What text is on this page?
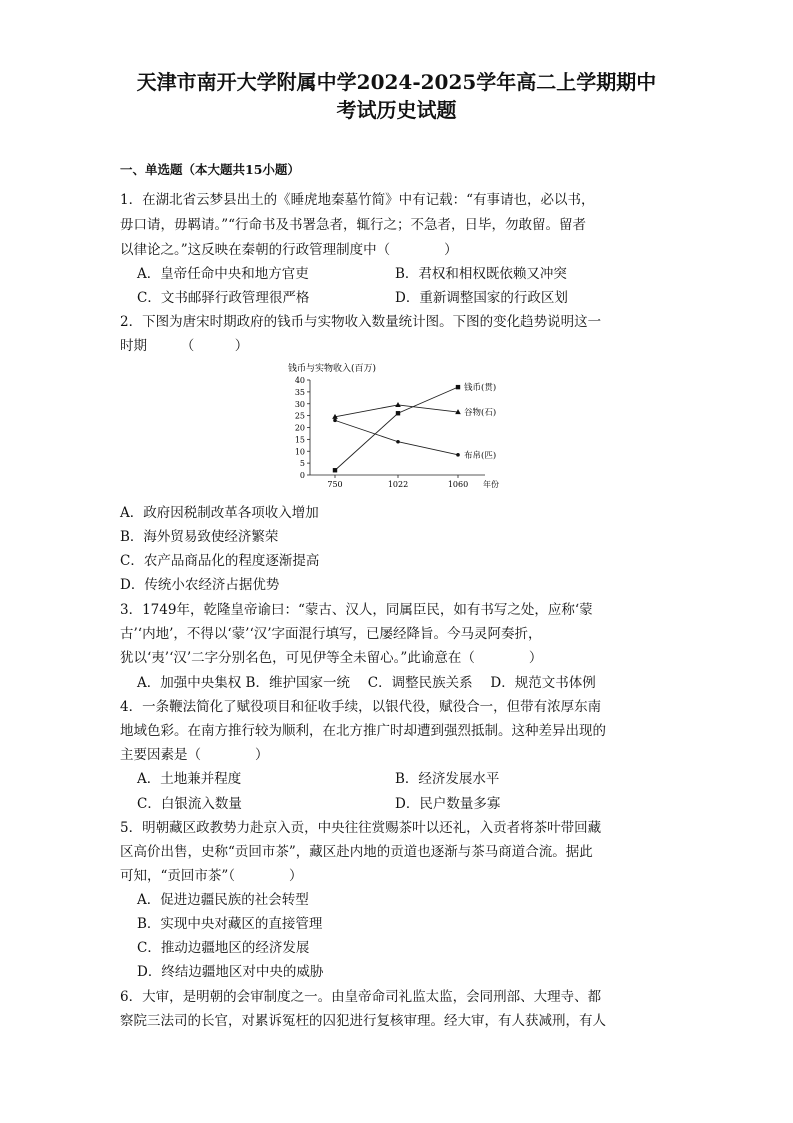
天津市南开大学附属中学2024-2025学年高二上学期期中
考试历史试题
一、单选题（本大题共15小题）
1．在湖北省云梦县出土的《睡虎地秦墓竹简》中有记载：“有事请也，必以书，
毋口请，毋羁请。”“行命书及书署急者，辄行之；不急者，日毕，勿敢留。留者
以律论之。”这反映在秦朝的行政管理制度中（　　　　）
A．皇帝任命中央和地方官吏	B．君权和相权既依赖又冲突
C．文书邮驿行政管理很严格	D．重新调整国家的行政区划
2．下图为唐宋时期政府的钱币与实物收入数量统计图。下图的变化趋势说明这一
时期　　　（　　　）
钱币与实物收入(百万)
0
5
10
15
20
25
30
35
40
750	1022	1060 年份
钱币(贯)
谷物(石)
布帛(匹)
A．政府因税制改革各项收入增加
B．海外贸易致使经济繁荣
C．农产品商品化的程度逐渐提高
D．传统小农经济占据优势
3．1749年，乾隆皇帝谕曰：“蒙古、汉人，同属臣民，如有书写之处，应称‘蒙
古’‘内地’，不得以‘蒙’‘汉’字面混行填写，已屡经降旨。今马灵阿奏折，
犹以‘夷’‘汉’二字分别名色，可见伊等全未留心。”此谕意在（　　　　）
A．加强中央集权 B．维护国家一统　 C．调整民族关系　 D．规范文书体例
4．一条鞭法简化了赋役项目和征收手续，以银代役，赋役合一，但带有浓厚东南
地域色彩。在南方推行较为顺利，在北方推广时却遭到强烈抵制。这种差异出现的
主要因素是（　　　　）
A．土地兼并程度	B．经济发展水平
C．白银流入数量	D．民户数量多寡
5．明朝藏区政教势力赴京入贡，中央往往赏赐茶叶以还礼，入贡者将茶叶带回藏
区高价出售，史称“贡回市茶”，藏区赴内地的贡道也逐渐与茶马商道合流。据此
可知，“贡回市茶”（　　　　）
A．促进边疆民族的社会转型
B．实现中央对藏区的直接管理
C．推动边疆地区的经济发展
D．终结边疆地区对中央的威胁
6．大审，是明朝的会审制度之一。由皇帝命司礼监太监，会同刑部、大理寺、都
察院三法司的长官，对累诉冤枉的囚犯进行复核审理。经大审，有人获减刑，有人
